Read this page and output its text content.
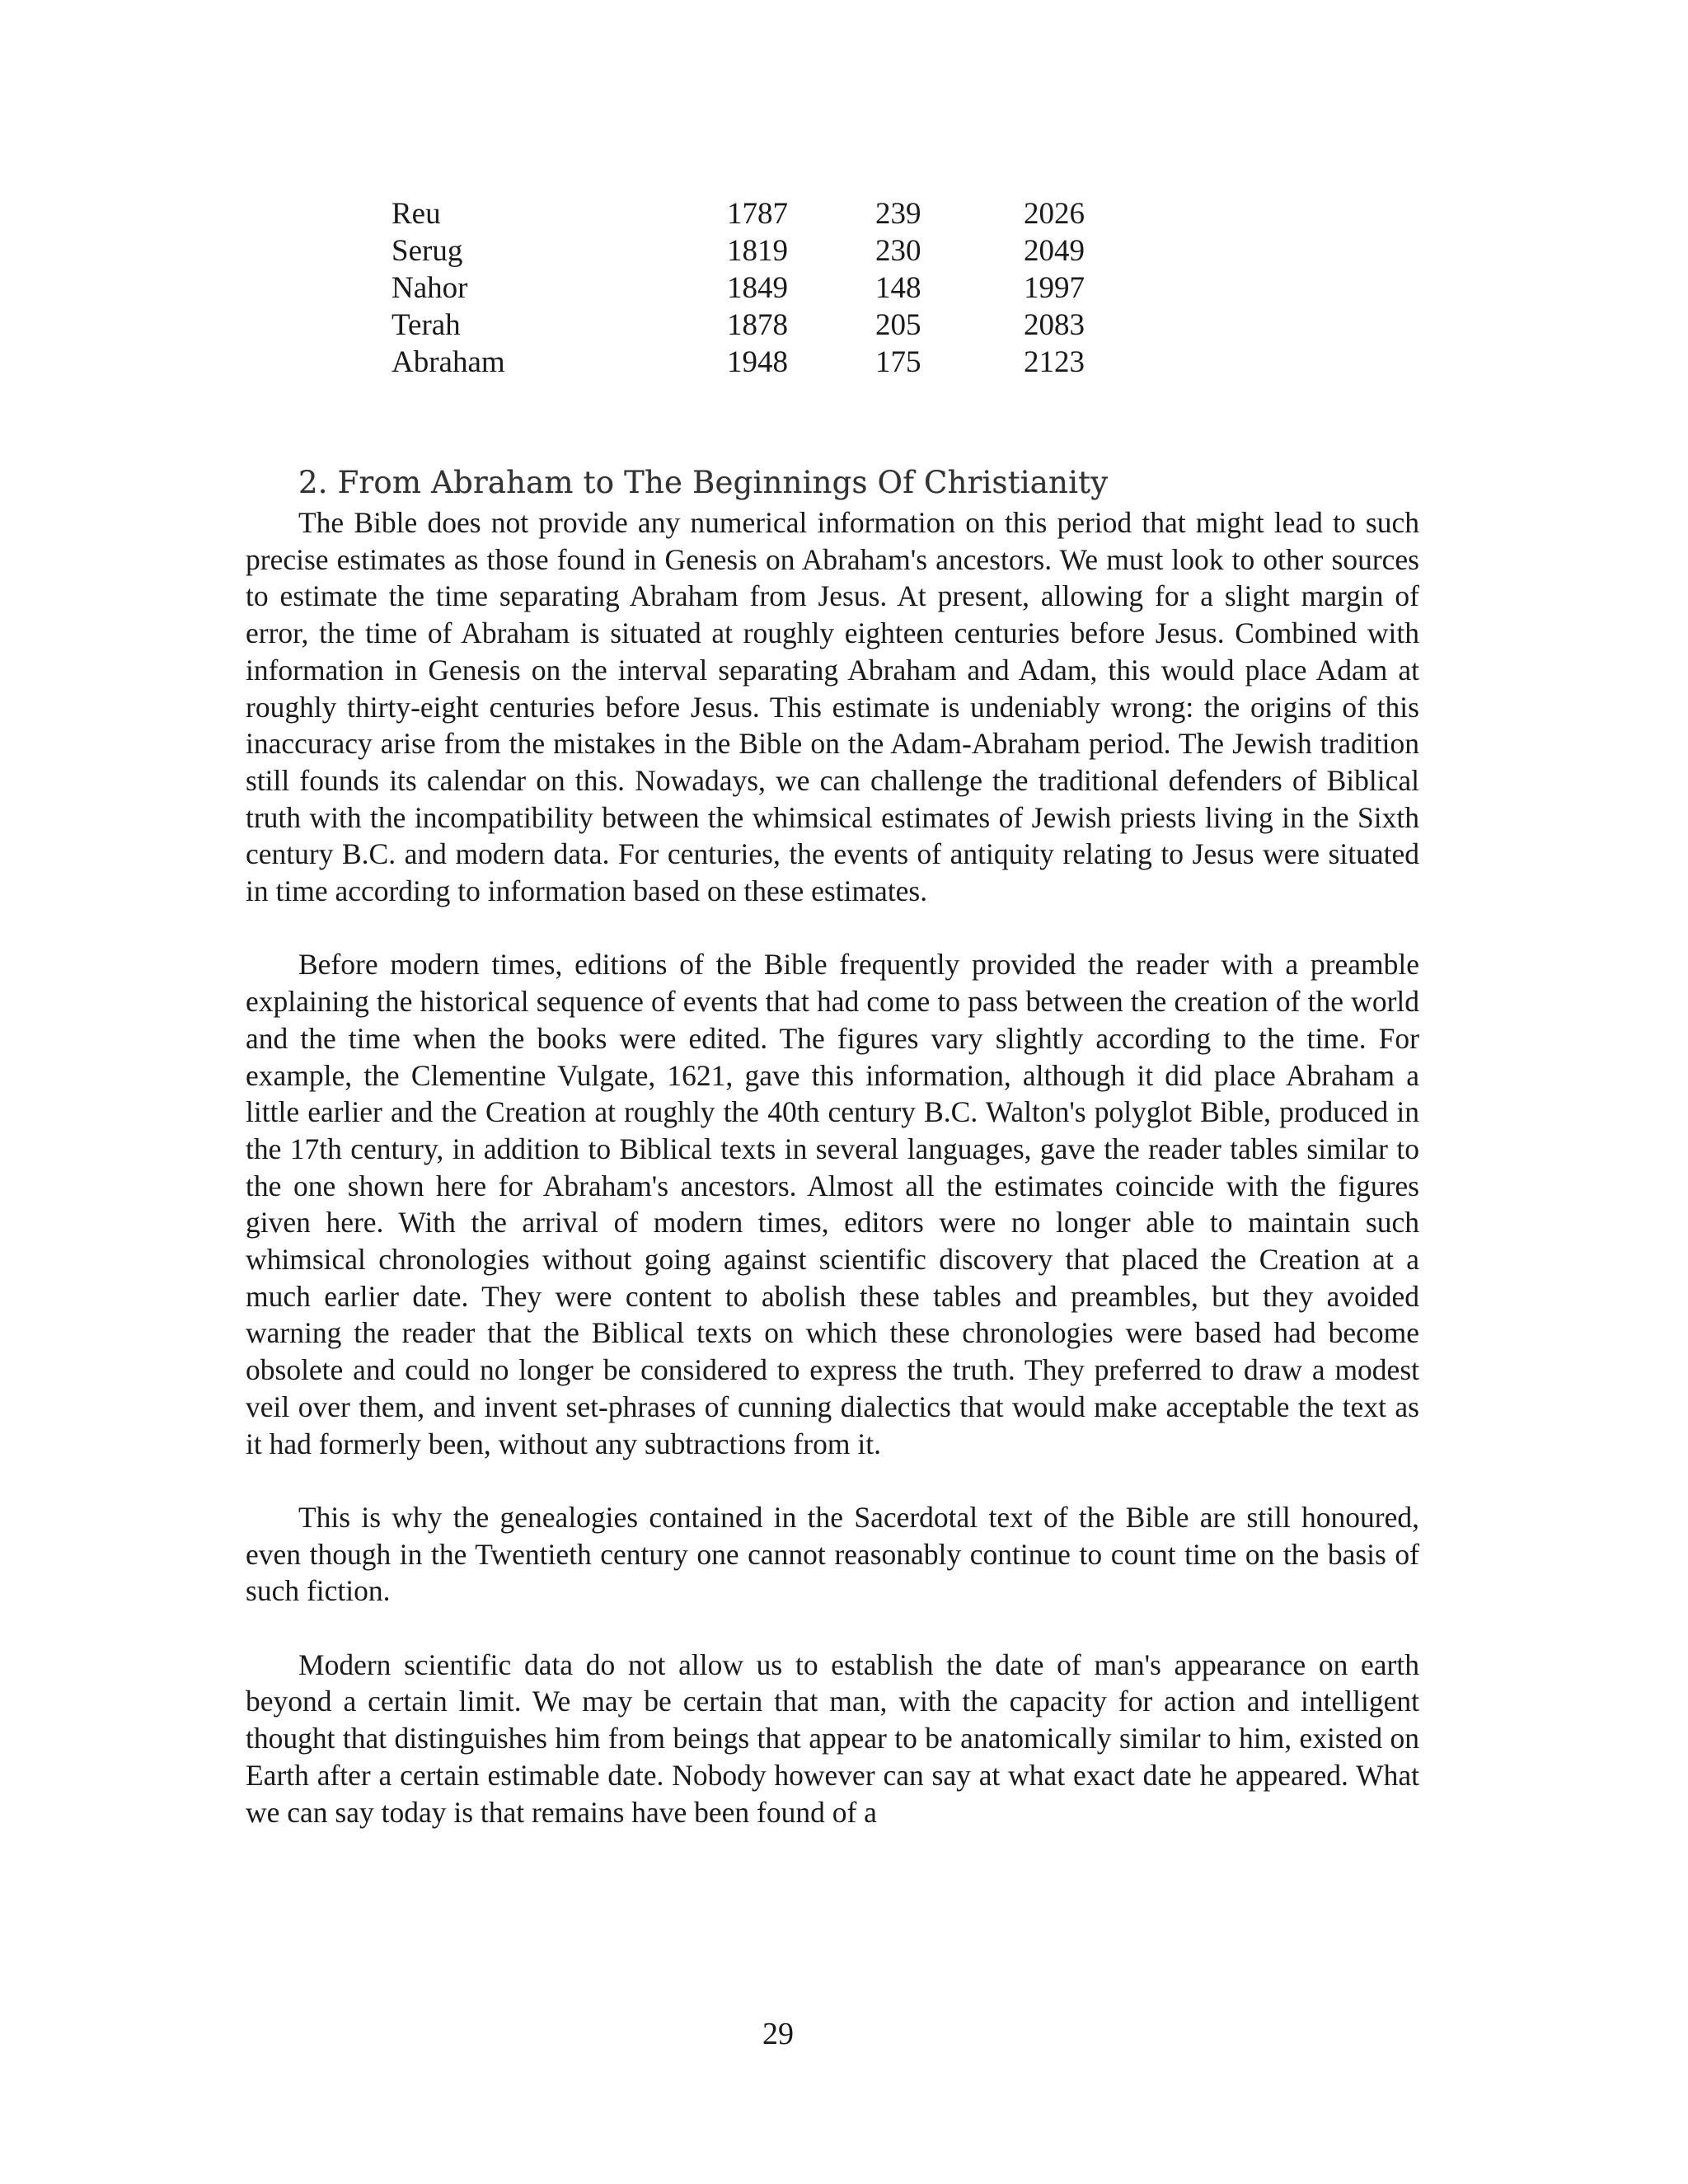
Reu	1787	239	2026
Serug	1819	230	2049
Nahor	1849	148	1997
Terah	1878	205	2083
Abraham	1948	175	2123
2. From Abraham to The Beginnings Of Christianity

The Bible does not provide any numerical information on this period that might lead to such precise estimates as those found in Genesis on Abraham's ancestors. We must look to other sources to estimate the time separating Abraham from Jesus. At present, allowing for a slight margin of error, the time of Abraham is situated at roughly eighteen centuries before Jesus. Combined with information in Genesis on the interval separating Abraham and Adam, this would place Adam at roughly thirty-eight centuries before Jesus. This estimate is undeniably wrong: the origins of this inaccuracy arise from the mistakes in the Bible on the Adam-Abraham period. The Jewish tradition still founds its calendar on this. Nowadays, we can challenge the traditional defenders of Biblical truth with the incompatibility between the whimsical estimates of Jewish priests living in the Sixth century B.C. and modern data. For centuries, the events of antiquity relating to Jesus were situated in time according to information based on these estimates.

Before modern times, editions of the Bible frequently provided the reader with a preamble explaining the historical sequence of events that had come to pass between the creation of the world and the time when the books were edited. The figures vary slightly according to the time. For example, the Clementine Vulgate, 1621, gave this information, although it did place Abraham a little earlier and the Creation at roughly the 40th century B.C. Walton's polyglot Bible, produced in the 17th century, in addition to Biblical texts in several languages, gave the reader tables similar to the one shown here for Abraham's ancestors. Almost all the estimates coincide with the figures given here. With the arrival of modern times, editors were no longer able to maintain such whimsical chronologies without going against scientific discovery that placed the Creation at a much earlier date. They were content to abolish these tables and preambles, but they avoided warning the reader that the Biblical texts on which these chronologies were based had become obsolete and could no longer be considered to express the truth. They preferred to draw a modest veil over them, and invent set-phrases of cunning dialectics that would make acceptable the text as it had formerly been, without any subtractions from it.

This is why the genealogies contained in the Sacerdotal text of the Bible are still honoured, even though in the Twentieth century one cannot reasonably continue to count time on the basis of such fiction.

Modern scientific data do not allow us to establish the date of man's appearance on earth beyond a certain limit. We may be certain that man, with the capacity for action and intelligent thought that distinguishes him from beings that appear to be anatomically similar to him, existed on Earth after a certain estimable date. Nobody however can say at what exact date he appeared. What we can say today is that remains have been found of a

29
